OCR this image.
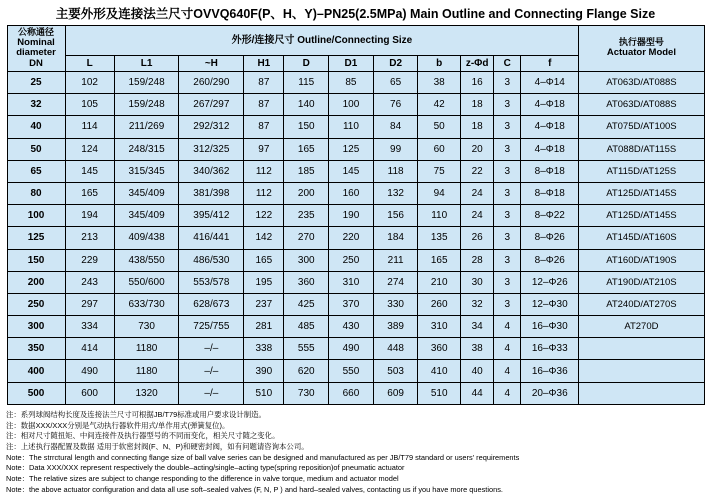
主要外形及连接法兰尺寸OVVQ640F(P、H、Y)–PN25(2.5MPa) Main Outline and Connecting Flange Size
公称通径
Nominal
diameter
DN	外形/连接尺寸 Outline/Connecting Size											执行器型号
Actuator Model

	L	L1	~H	H1	D	D1	D2	b	z-Φd	C	f	
25	102	159/248	260/290	87	115	85	65	38	16	3	4–Φ14	AT063D/AT088S
32	105	159/248	267/297	87	140	100	76	42	18	3	4–Φ18	AT063D/AT088S
40	114	211/269	292/312	87	150	110	84	50	18	3	4–Φ18	AT075D/AT100S
50	124	248/315	312/325	97	165	125	99	60	20	3	4–Φ18	AT088D/AT115S
65	145	315/345	340/362	112	185	145	118	75	22	3	8–Φ18	AT115D/AT125S
80	165	345/409	381/398	112	200	160	132	94	24	3	8–Φ18	AT125D/AT145S
100	194	345/409	395/412	122	235	190	156	110	24	3	8–Φ22	AT125D/AT145S
125	213	409/438	416/441	142	270	220	184	135	26	3	8–Φ26	AT145D/AT160S
150	229	438/550	486/530	165	300	250	211	165	28	3	8–Φ26	AT160D/AT190S
200	243	550/600	553/578	195	360	310	274	210	30	3	12–Φ26	AT190D/AT210S
250	297	633/730	628/673	237	425	370	330	260	32	3	12–Φ30	AT240D/AT270S
300	334	730	725/755	281	485	430	389	310	34	4	16–Φ30	AT270D
350	414	1180	–/–	338	555	490	448	360	38	4	16–Φ33	
400	490	1180	–/–	390	620	550	503	410	40	4	16–Φ36	
500	600	1320	–/–	510	730	660	609	510	44	4	20–Φ36	
注：系列球阀结构长度及连接法兰尺寸可根据JB/T79标准或用户要求设计制造。
注：数据XXX/XXX分别是气动执行器软件用式/单作用式(弹簧复位)。
注：相对尺寸随扭矩、中间连接件及执行器型号的不同而变化，相关尺寸随之变化。
注：上述执行器配置及数据 适用于软密封阀(F、N、P)和硬密封阀，如有问题请咨询本公司。
Note：The strrctural length and connecting flange size of ball valve series can be designed and manufactured as per JB/T79 standard or users' requirements
Note：Data XXX/XXX represent respectively the double–acting/single–acting type(spring reposition)of pneumatic actuator
Note：The relative sizes are subject to change responding to the difference in valve torque, medium and actuator model
Note：the above actuator configuration and data all use soft–sealed valves (F, N, P ) and hard–sealed valves, contacting us if you have more questions.
